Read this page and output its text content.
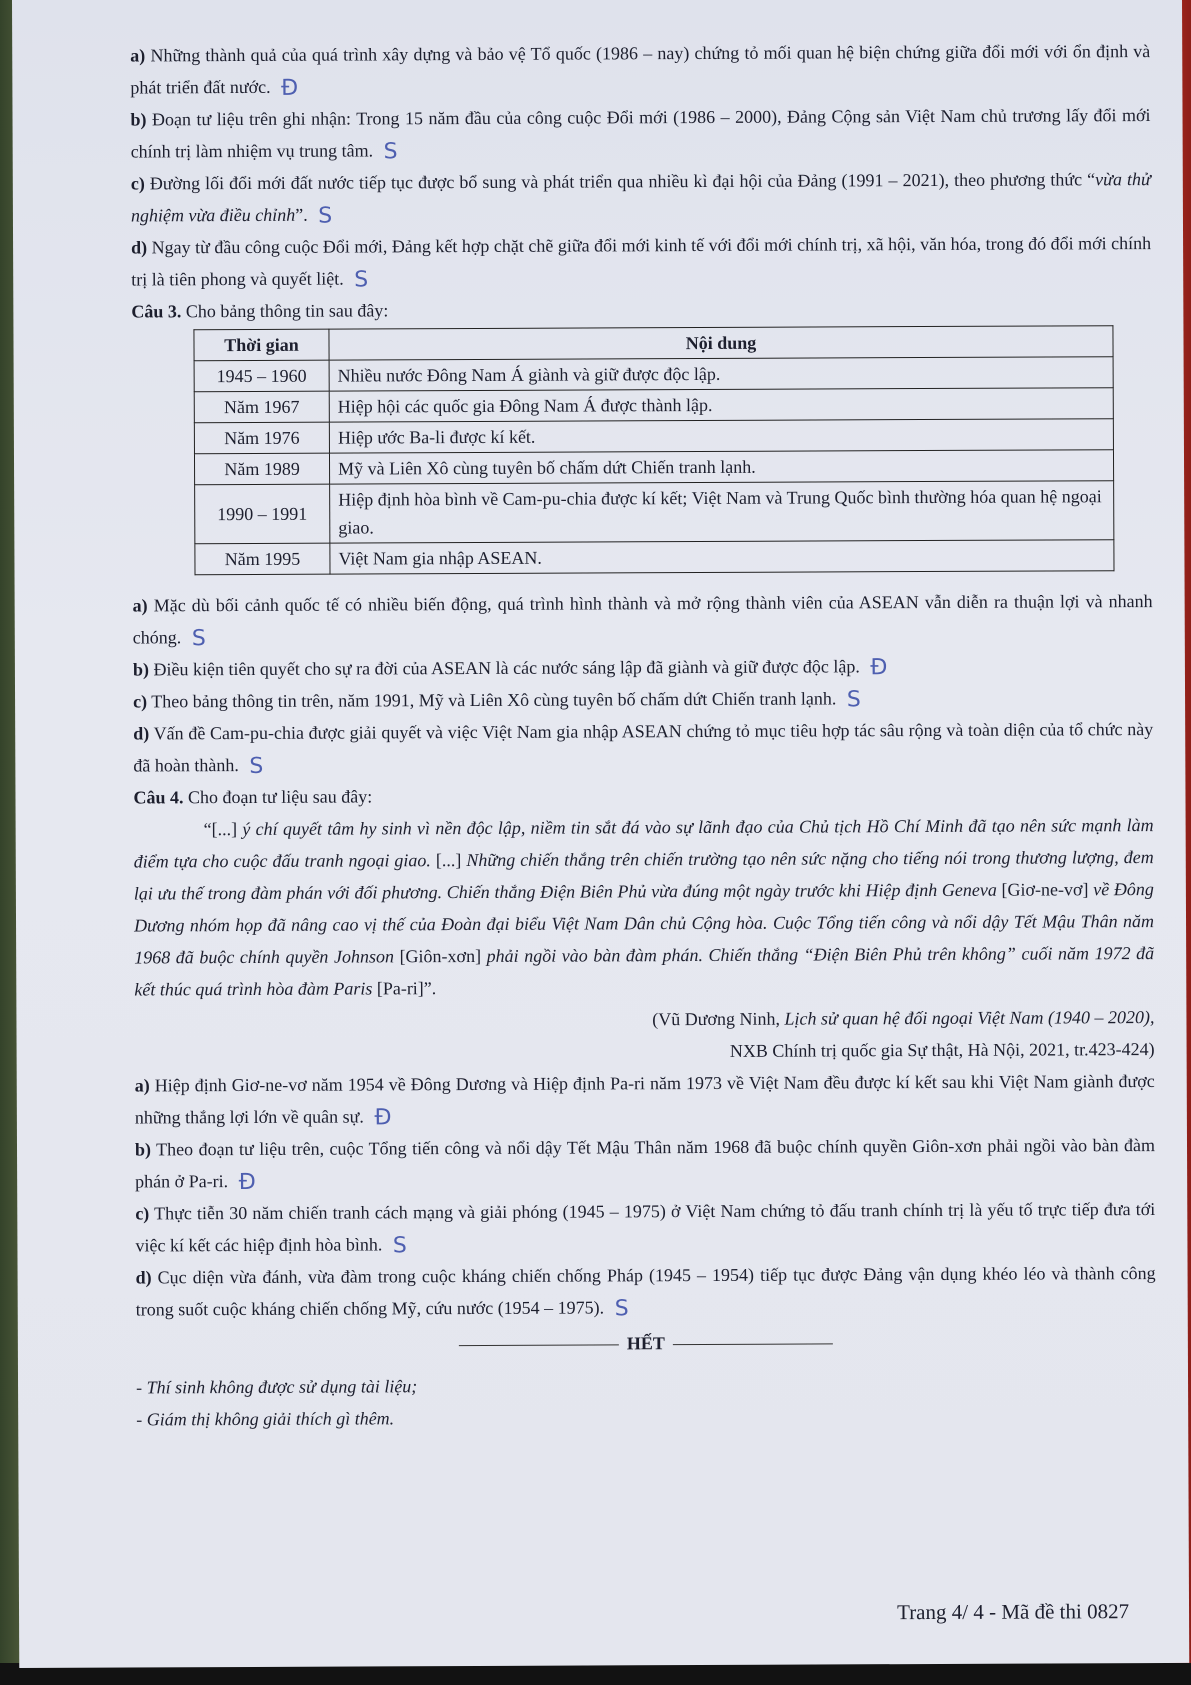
a) Những thành quả của quá trình xây dựng và bảo vệ Tổ quốc (1986 – nay) chứng tỏ mối quan hệ biện chứng giữa đổi mới với ổn định và phát triển đất nước. Đ

b) Đoạn tư liệu trên ghi nhận: Trong 15 năm đầu của công cuộc Đổi mới (1986 – 2000), Đảng Cộng sản Việt Nam chủ trương lấy đổi mới chính trị làm nhiệm vụ trung tâm. S

c) Đường lối đổi mới đất nước tiếp tục được bổ sung và phát triển qua nhiều kì đại hội của Đảng (1991 – 2021), theo phương thức “vừa thử nghiệm vừa điều chỉnh”. S

d) Ngay từ đầu công cuộc Đổi mới, Đảng kết hợp chặt chẽ giữa đổi mới kinh tế với đổi mới chính trị, xã hội, văn hóa, trong đó đổi mới chính trị là tiên phong và quyết liệt. S

Câu 3. Cho bảng thông tin sau đây:

Thời gian	Nội dung
1945 – 1960	Nhiều nước Đông Nam Á giành và giữ được độc lập.
Năm 1967	Hiệp hội các quốc gia Đông Nam Á được thành lập.
Năm 1976	Hiệp ước Ba-li được kí kết.
Năm 1989	Mỹ và Liên Xô cùng tuyên bố chấm dứt Chiến tranh lạnh.
1990 – 1991	Hiệp định hòa bình về Cam-pu-chia được kí kết; Việt Nam và Trung Quốc bình thường hóa quan hệ ngoại giao.
Năm 1995	Việt Nam gia nhập ASEAN.

a) Mặc dù bối cảnh quốc tế có nhiều biến động, quá trình hình thành và mở rộng thành viên của ASEAN vẫn diễn ra thuận lợi và nhanh chóng. S

b) Điều kiện tiên quyết cho sự ra đời của ASEAN là các nước sáng lập đã giành và giữ được độc lập. Đ

c) Theo bảng thông tin trên, năm 1991, Mỹ và Liên Xô cùng tuyên bố chấm dứt Chiến tranh lạnh. S

d) Vấn đề Cam-pu-chia được giải quyết và việc Việt Nam gia nhập ASEAN chứng tỏ mục tiêu hợp tác sâu rộng và toàn diện của tổ chức này đã hoàn thành. S

Câu 4. Cho đoạn tư liệu sau đây:

“[...] ý chí quyết tâm hy sinh vì nền độc lập, niềm tin sắt đá vào sự lãnh đạo của Chủ tịch Hồ Chí Minh đã tạo nên sức mạnh làm điểm tựa cho cuộc đấu tranh ngoại giao. [...] Những chiến thắng trên chiến trường tạo nên sức nặng cho tiếng nói trong thương lượng, đem lại ưu thế trong đàm phán với đối phương. Chiến thắng Điện Biên Phủ vừa đúng một ngày trước khi Hiệp định Geneva [Giơ-ne-vơ] về Đông Dương nhóm họp đã nâng cao vị thế của Đoàn đại biểu Việt Nam Dân chủ Cộng hòa. Cuộc Tổng tiến công và nổi dậy Tết Mậu Thân năm 1968 đã buộc chính quyền Johnson [Giôn-xơn] phải ngồi vào bàn đàm phán. Chiến thắng “Điện Biên Phủ trên không” cuối năm 1972 đã kết thúc quá trình hòa đàm Paris [Pa-ri]”.

(Vũ Dương Ninh, Lịch sử quan hệ đối ngoại Việt Nam (1940 – 2020),

NXB Chính trị quốc gia Sự thật, Hà Nội, 2021, tr.423-424)

a) Hiệp định Giơ-ne-vơ năm 1954 về Đông Dương và Hiệp định Pa-ri năm 1973 về Việt Nam đều được kí kết sau khi Việt Nam giành được những thắng lợi lớn về quân sự. Đ

b) Theo đoạn tư liệu trên, cuộc Tổng tiến công và nổi dậy Tết Mậu Thân năm 1968 đã buộc chính quyền Giôn-xơn phải ngồi vào bàn đàm phán ở Pa-ri. Đ

c) Thực tiễn 30 năm chiến tranh cách mạng và giải phóng (1945 – 1975) ở Việt Nam chứng tỏ đấu tranh chính trị là yếu tố trực tiếp đưa tới việc kí kết các hiệp định hòa bình. S

d) Cục diện vừa đánh, vừa đàm trong cuộc kháng chiến chống Pháp (1945 – 1954) tiếp tục được Đảng vận dụng khéo léo và thành công trong suốt cuộc kháng chiến chống Mỹ, cứu nước (1954 – 1975). S

HẾT

- Thí sinh không được sử dụng tài liệu;

- Giám thị không giải thích gì thêm.

Trang 4/ 4 - Mã đề thi 0827
